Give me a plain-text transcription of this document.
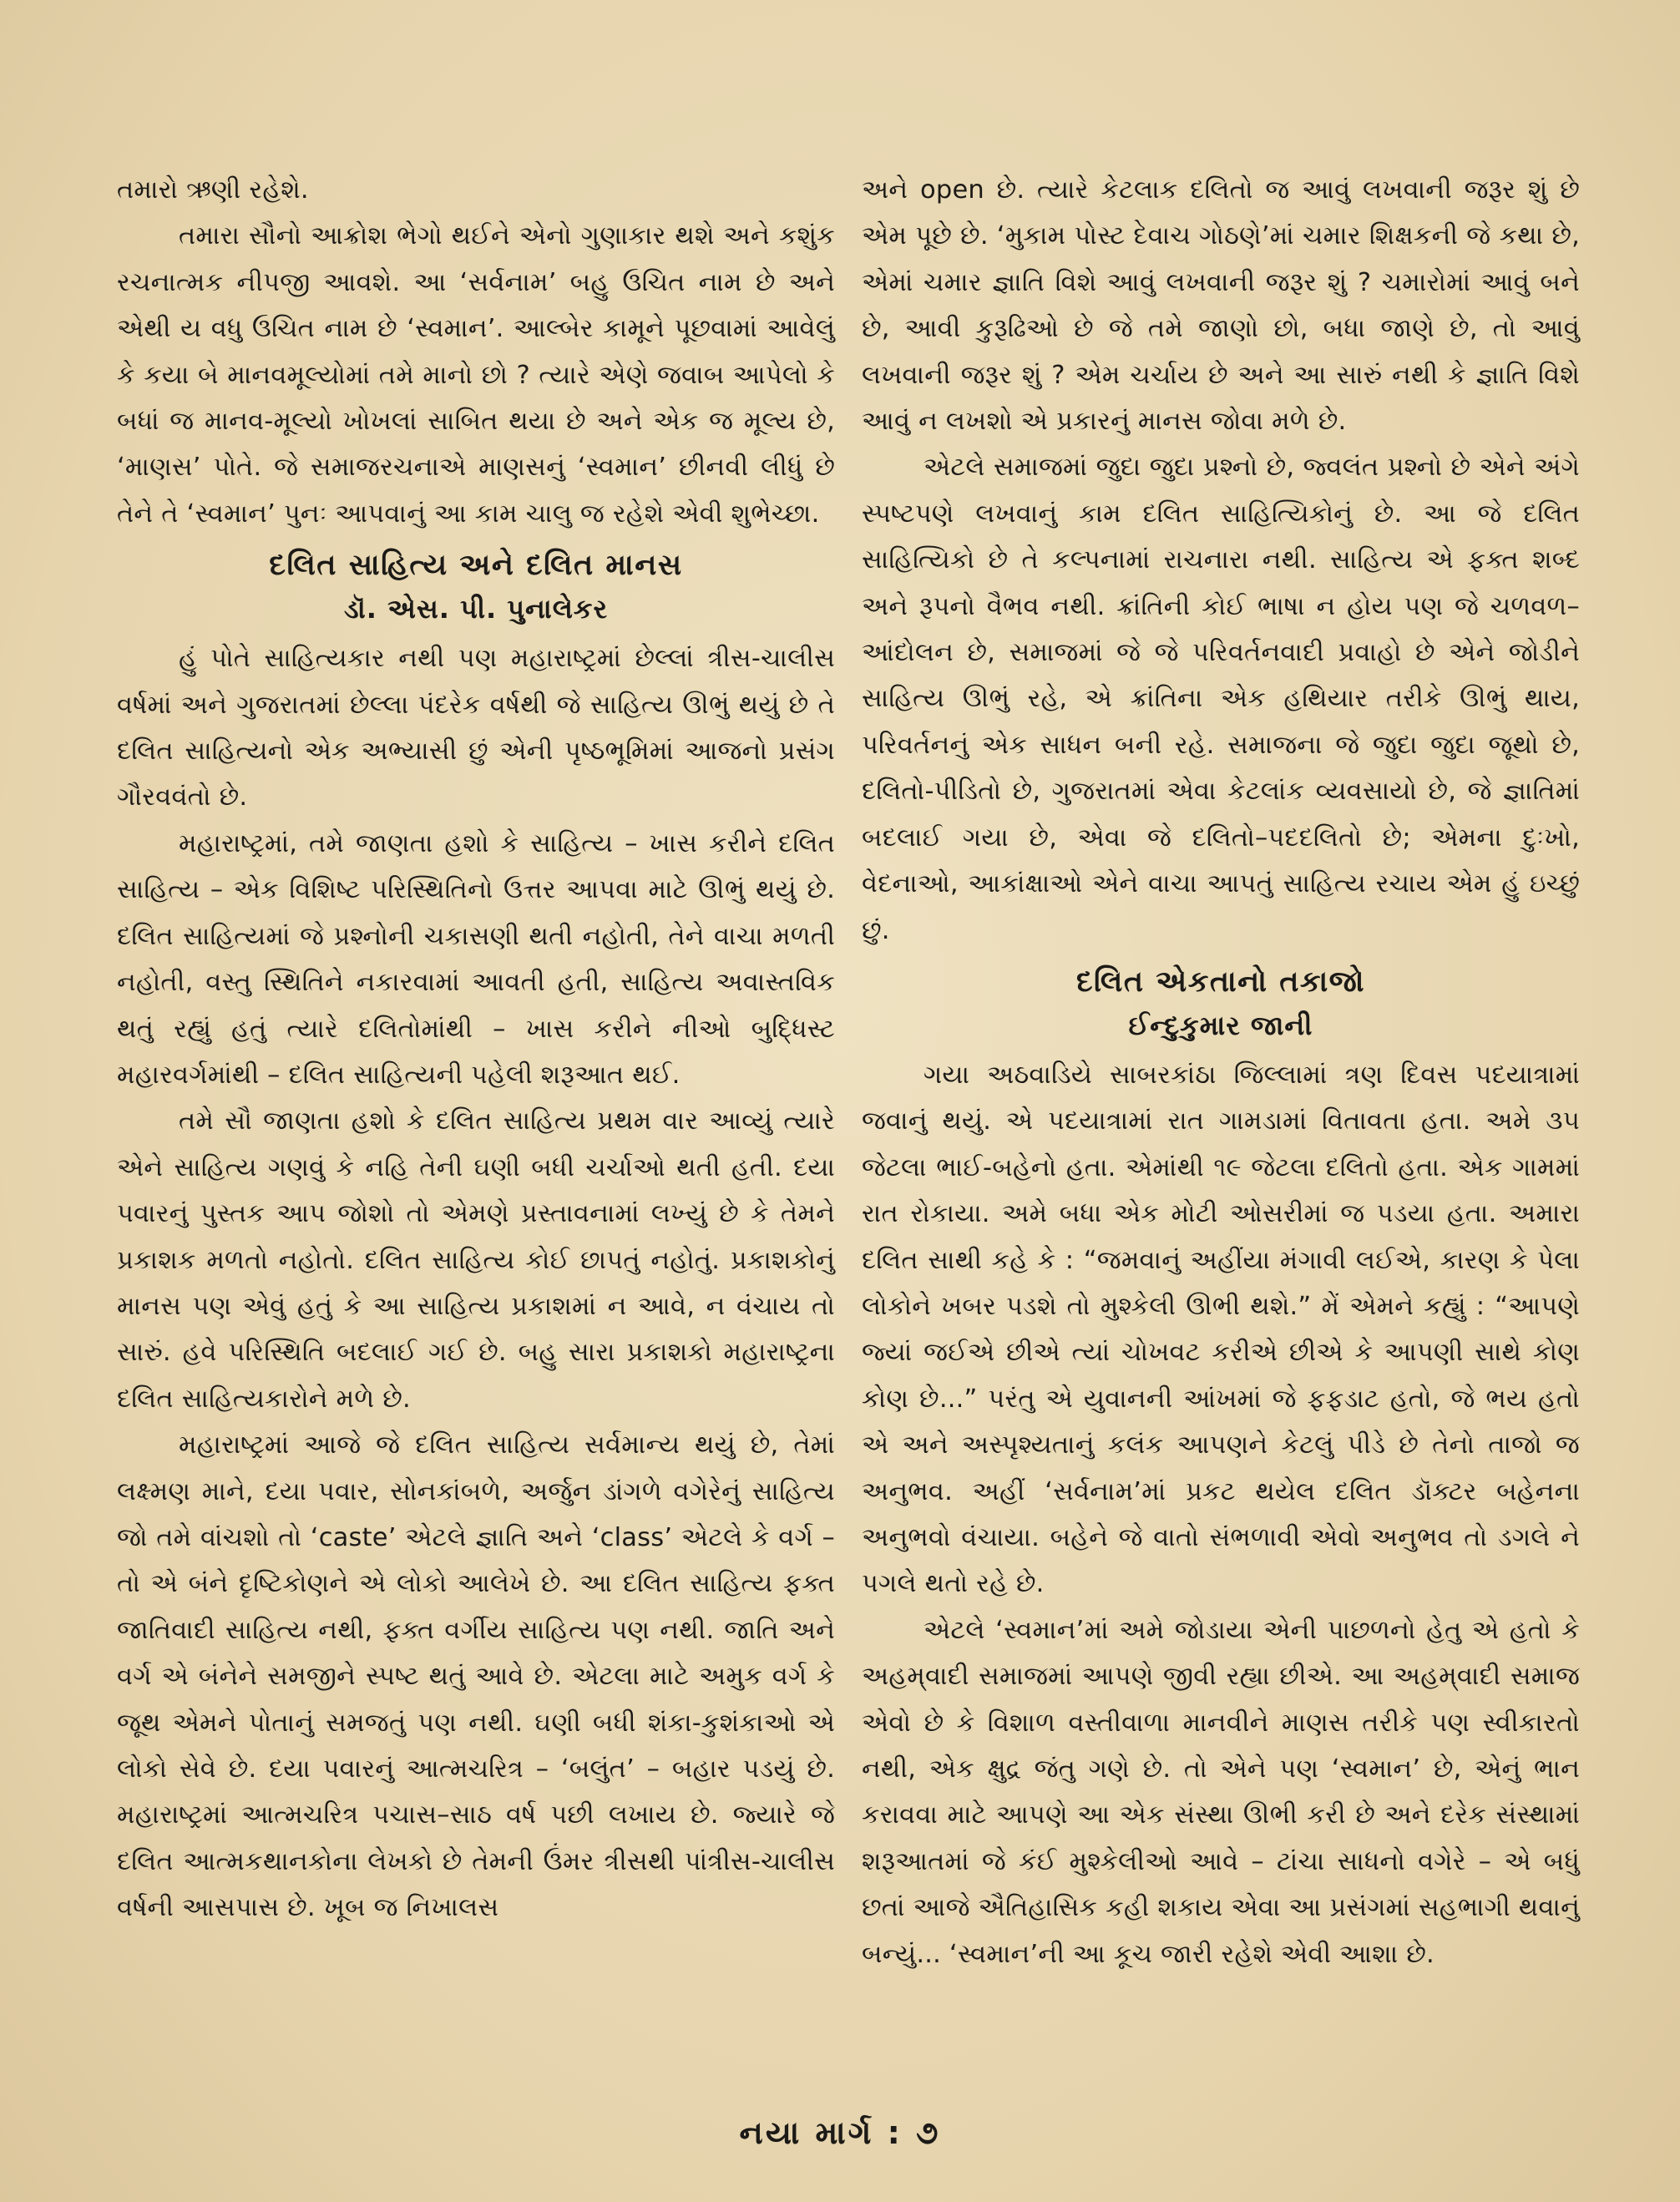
તમારો ઋણી રહેશે.

તમારા સૌનો આક્રોશ ભેગો થઈને એનો ગુણાકાર થશે અને કશુંક રચનાત્મક નીપજી આવશે. આ ‘સર્વનામ’ બહુ ઉચિત નામ છે અને એથી ય વધુ ઉચિત નામ છે ‘સ્વમાન’. આલ્બેર કામૂને પૂછવામાં આવેલું કે કયા બે માનવમૂલ્યોમાં તમે માનો છો ? ત્યારે એણે જવાબ આપેલો કે બધાં જ માનવ-મૂલ્યો ખોખલાં સાબિત થયા છે અને એક જ મૂલ્ય છે, ‘માણસ’ પોતે. જે સમાજરચનાએ માણસનું ‘સ્વમાન’ છીનવી લીધું છે તેને તે ‘સ્વમાન’ પુનઃ આપવાનું આ કામ ચાલુ જ રહેશે એવી શુભેચ્છા.

દલિત સાહિત્ય અને દલિત માનસ
ડૉ. એસ. પી. પુનાલેકર

હું પોતે સાહિત્યકાર નથી પણ મહારાષ્ટ્રમાં છેલ્લાં ત્રીસ-ચાલીસ વર્ષમાં અને ગુજરાતમાં છેલ્લા પંદરેક વર્ષથી જે સાહિત્ય ઊભું થયું છે તે દલિત સાહિત્યનો એક અભ્યાસી છું એની પૃષ્ઠભૂમિમાં આજનો પ્રસંગ ગૌરવવંતો છે.

મહારાષ્ટ્રમાં, તમે જાણતા હશો કે સાહિત્ય – ખાસ કરીને દલિત સાહિત્ય – એક વિશિષ્ટ પરિસ્થિતિનો ઉત્તર આપવા માટે ઊભું થયું છે. દલિત સાહિત્યમાં જે પ્રશ્નોની ચકાસણી થતી નહોતી, તેને વાચા મળતી નહોતી, વસ્તુ સ્થિતિને નકારવામાં આવતી હતી, સાહિત્ય અવાસ્તવિક થતું રહ્યું હતું ત્યારે દલિતોમાંથી – ખાસ કરીને નીઓ બુદ્ધિસ્ટ મહારવર્ગમાંથી – દલિત સાહિત્યની પહેલી શરૂઆત થઈ.

તમે સૌ જાણતા હશો કે દલિત સાહિત્ય પ્રથમ વાર આવ્યું ત્યારે એને સાહિત્ય ગણવું કે નહિ તેની ઘણી બધી ચર્ચાઓ થતી હતી. દયા પવારનું પુસ્તક આપ જોશો તો એમણે પ્રસ્તાવનામાં લખ્યું છે કે તેમને પ્રકાશક મળતો નહોતો. દલિત સાહિત્ય કોઈ છાપતું નહોતું. પ્રકાશકોનું માનસ પણ એવું હતું કે આ સાહિત્ય પ્રકાશમાં ન આવે, ન વંચાય તો સારું. હવે પરિસ્થિતિ બદલાઈ ગઈ છે. બહુ સારા પ્રકાશકો મહારાષ્ટ્રના દલિત સાહિત્યકારોને મળે છે.

મહારાષ્ટ્રમાં આજે જે દલિત સાહિત્ય સર્વમાન્ય થયું છે, તેમાં લક્ષ્મણ માને, દયા પવાર, સોનકાંબળે, અર્જુન ડાંગળે વગેરેનું સાહિત્ય જો તમે વાંચશો તો ‘caste’ એટલે જ્ઞાતિ અને ‘class’ એટલે કે વર્ગ – તો એ બંને દૃષ્ટિકોણને એ લોકો આલેખે છે. આ દલિત સાહિત્ય ફક્ત જાતિવાદી સાહિત્ય નથી, ફક્ત વર્ગીય સાહિત્ય પણ નથી. જાતિ અને વર્ગ એ બંનેને સમજીને સ્પષ્ટ થતું આવે છે. એટલા માટે અમુક વર્ગ કે જૂથ એમને પોતાનું સમજતું પણ નથી. ઘણી બધી શંકા-કુશંકાઓ એ લોકો સેવે છે. દયા પવારનું આત્મચરિત્ર – ‘બલુંત’ – બહાર પડયું છે. મહારાષ્ટ્રમાં આત્મચરિત્ર પચાસ–સાઠ વર્ષ પછી લખાય છે. જ્યારે જે દલિત આત્મકથાનકોના લેખકો છે તેમની ઉંમર ત્રીસથી પાંત્રીસ-ચાલીસ વર્ષની આસપાસ છે. ખૂબ જ નિખાલસ

અને open છે. ત્યારે કેટલાક દલિતો જ આવું લખવાની જરૂર શું છે એમ પૂછે છે. ‘મુકામ પોસ્ટ દેવાચ ગોઠણે’માં ચમાર શિક્ષકની જે કથા છે, એમાં ચમાર જ્ઞાતિ વિશે આવું લખવાની જરૂર શું ? ચમારોમાં આવું બને છે, આવી કુરૂઢિઓ છે જે તમે જાણો છો, બધા જાણે છે, તો આવું લખવાની જરૂર શું ? એમ ચર્ચાય છે અને આ સારું નથી કે જ્ઞાતિ વિશે આવું ન લખશો એ પ્રકારનું માનસ જોવા મળે છે.

એટલે સમાજમાં જુદા જુદા પ્રશ્નો છે, જ્વલંત પ્રશ્નો છે એને અંગે સ્પષ્ટપણે લખવાનું કામ દલિત સાહિત્યિકોનું છે. આ જે દલિત સાહિત્યિકો છે તે કલ્પનામાં રાચનારા નથી. સાહિત્ય એ ફક્ત શબ્દ અને રૂપનો વૈભવ નથી. ક્રાંતિની કોઈ ભાષા ન હોય પણ જે ચળવળ–આંદોલન છે, સમાજમાં જે જે પરિવર્તનવાદી પ્રવાહો છે એને જોડીને સાહિત્ય ઊભું રહે, એ ક્રાંતિના એક હથિયાર તરીકે ઊભું થાય, પરિવર્તનનું એક સાધન બની રહે. સમાજના જે જુદા જુદા જૂથો છે, દલિતો-પીડિતો છે, ગુજરાતમાં એવા કેટલાંક વ્યવસાયો છે, જે જ્ઞાતિમાં બદલાઈ ગયા છે, એવા જે દલિતો–પદદલિતો છે; એમના દુઃખો, વેદનાઓ, આકાંક્ષાઓ એને વાચા આપતું સાહિત્ય રચાય એમ હું ઇચ્છું છું.

દલિત એકતાનો તકાજો
ઈન્દુકુમાર જાની

ગયા અઠવાડિયે સાબરકાંઠા જિલ્લામાં ત્રણ દિવસ પદયાત્રામાં જવાનું થયું. એ પદયાત્રામાં રાત ગામડામાં વિતાવતા હતા. અમે ૩૫ જેટલા ભાઈ-બહેનો હતા. એમાંથી ૧૯ જેટલા દલિતો હતા. એક ગામમાં રાત રોકાયા. અમે બધા એક મોટી ઓસરીમાં જ પડયા હતા. અમારા દલિત સાથી કહે કે : “જમવાનું અહીંયા મંગાવી લઈએ, કારણ કે પેલા લોકોને ખબર પડશે તો મુશ્કેલી ઊભી થશે.” મેં એમને કહ્યું : “આપણે જ્યાં જઈએ છીએ ત્યાં ચોખવટ કરીએ છીએ કે આપણી સાથે કોણ કોણ છે...” પરંતુ એ યુવાનની આંખમાં જે ફફડાટ હતો, જે ભય હતો એ અને અસ્પૃશ્યતાનું કલંક આપણને કેટલું પીડે છે તેનો તાજો જ અનુભવ. અહીં ‘સર્વનામ’માં પ્રકટ થયેલ દલિત ડૉક્ટર બહેનના અનુભવો વંચાયા. બહેને જે વાતો સંભળાવી એવો અનુભવ તો ડગલે ને પગલે થતો રહે છે.

એટલે ‘સ્વમાન’માં અમે જોડાયા એની પાછળનો હેતુ એ હતો કે અહમ્‌વાદી સમાજમાં આપણે જીવી રહ્યા છીએ. આ અહમ્‌વાદી સમાજ એવો છે કે વિશાળ વસ્તીવાળા માનવીને માણસ તરીકે પણ સ્વીકારતો નથી, એક ક્ષુદ્ર જંતુ ગણે છે. તો એને પણ ‘સ્વમાન’ છે, એનું ભાન કરાવવા માટે આપણે આ એક સંસ્થા ઊભી કરી છે અને દરેક સંસ્થામાં શરૂઆતમાં જે કંઈ મુશ્કેલીઓ આવે – ટાંચા સાધનો વગેરે – એ બધું છતાં આજે ઐતિહાસિક કહી શકાય એવા આ પ્રસંગમાં સહભાગી થવાનું બન્યું... ‘સ્વમાન’ની આ કૂચ જારી રહેશે એવી આશા છે.

નયા માર્ગ : ૭
